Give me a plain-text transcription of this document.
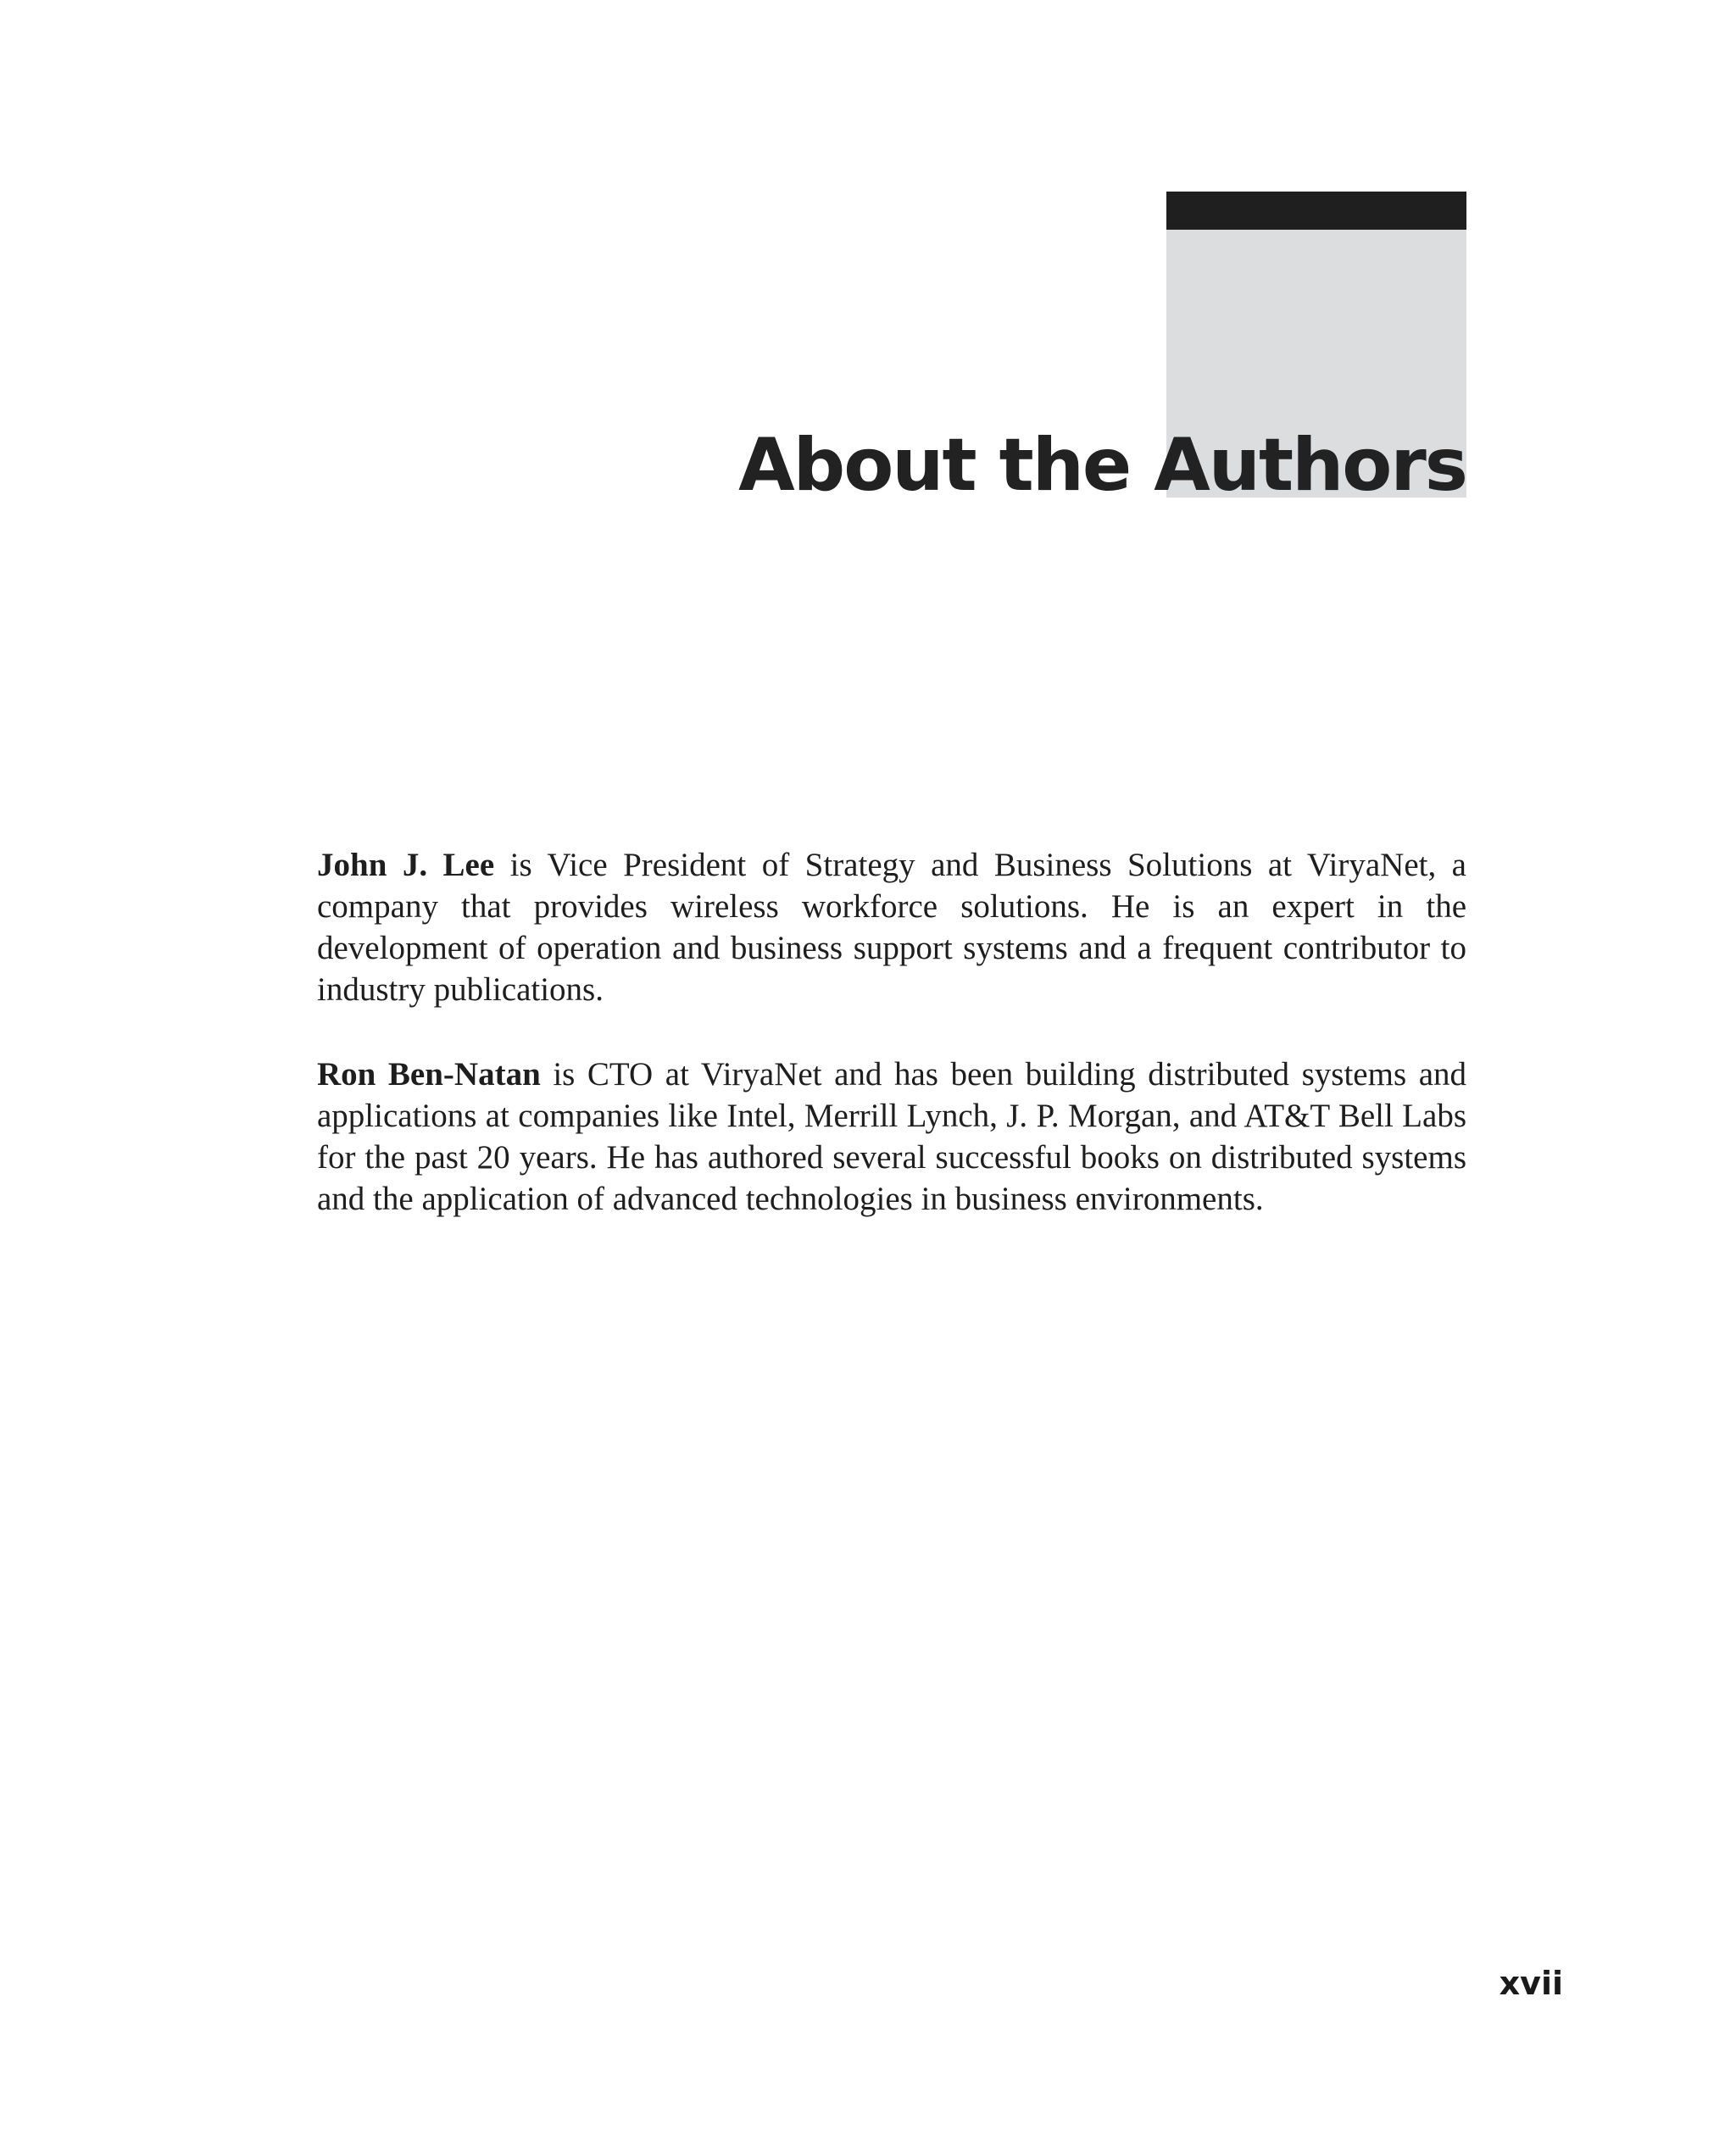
About the Authors

John J. Lee is Vice President of Strategy and Business Solutions at ViryaNet, a company that provides wireless workforce solutions. He is an expert in the development of operation and business support systems and a frequent contributor to industry publications.

Ron Ben-Natan is CTO at ViryaNet and has been building distributed systems and applications at companies like Intel, Merrill Lynch, J. P. Morgan, and AT&T Bell Labs for the past 20 years. He has authored several successful books on distributed systems and the application of advanced technologies in business environments.

xvii
